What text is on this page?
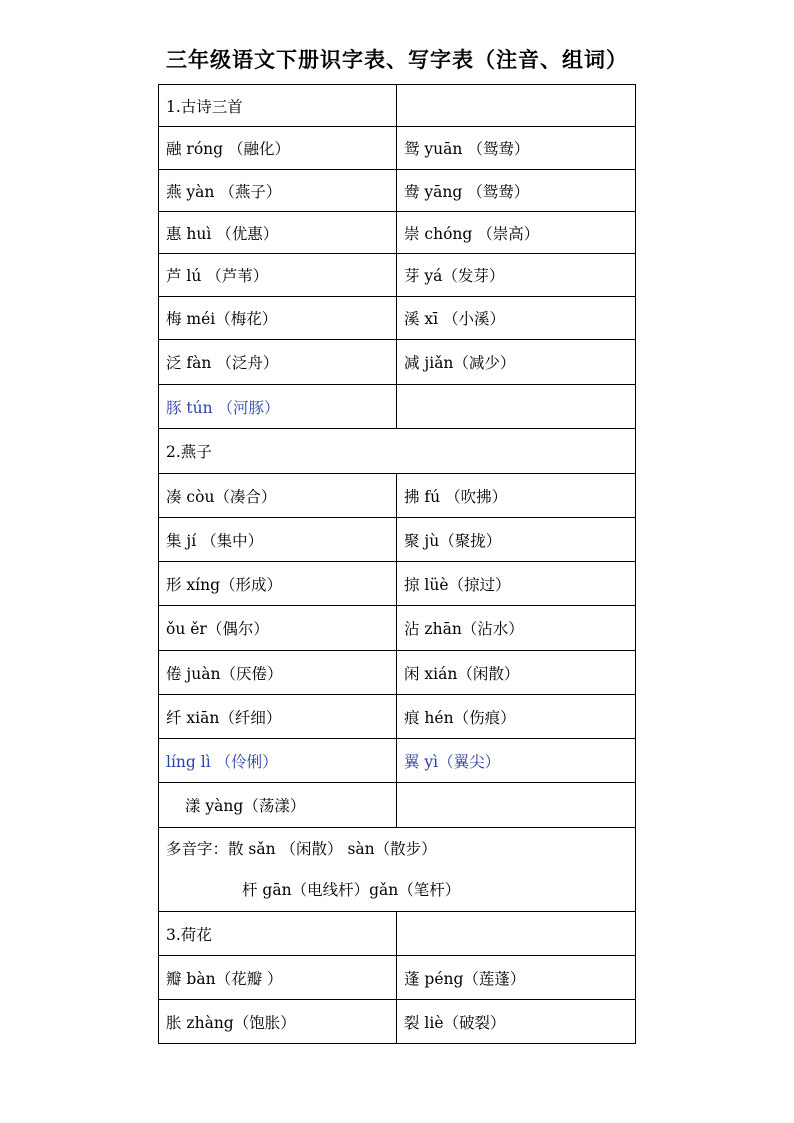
三年级语文下册识字表、写字表（注音、组词）
1.古诗三首	
融 róng （融化）	鸳 yuān （鸳鸯）
燕 yàn （燕子）	鸯 yāng （鸳鸯）
惠 huì （优惠）	崇 chóng （崇高）
芦 lú （芦苇）	芽 yá（发芽）
梅 méi（梅花）	溪 xī （小溪）
泛 fàn （泛舟）	减 jiǎn（减少）
豚 tún （河豚）	
2.燕子	
凑 còu（凑合）	拂 fú （吹拂）
集 jí （集中）	聚 jù（聚拢）
形 xíng（形成）	掠 lüè（掠过）
ǒu ěr（偶尔）	沾 zhān（沾水）
倦 juàn（厌倦）	闲 xián（闲散）
纤 xiān（纤细）	痕 hén（伤痕）
líng lì （伶俐）	翼 yì（翼尖）
漾 yàng（荡漾）	
多音字：散 sǎn （闲散） sàn（散步）
杆 gān（电线杆）gǎn（笔杆）	

3.荷花	
瓣 bàn（花瓣 ）	蓬 péng（莲蓬）
胀 zhàng（饱胀）	裂 liè（破裂）
